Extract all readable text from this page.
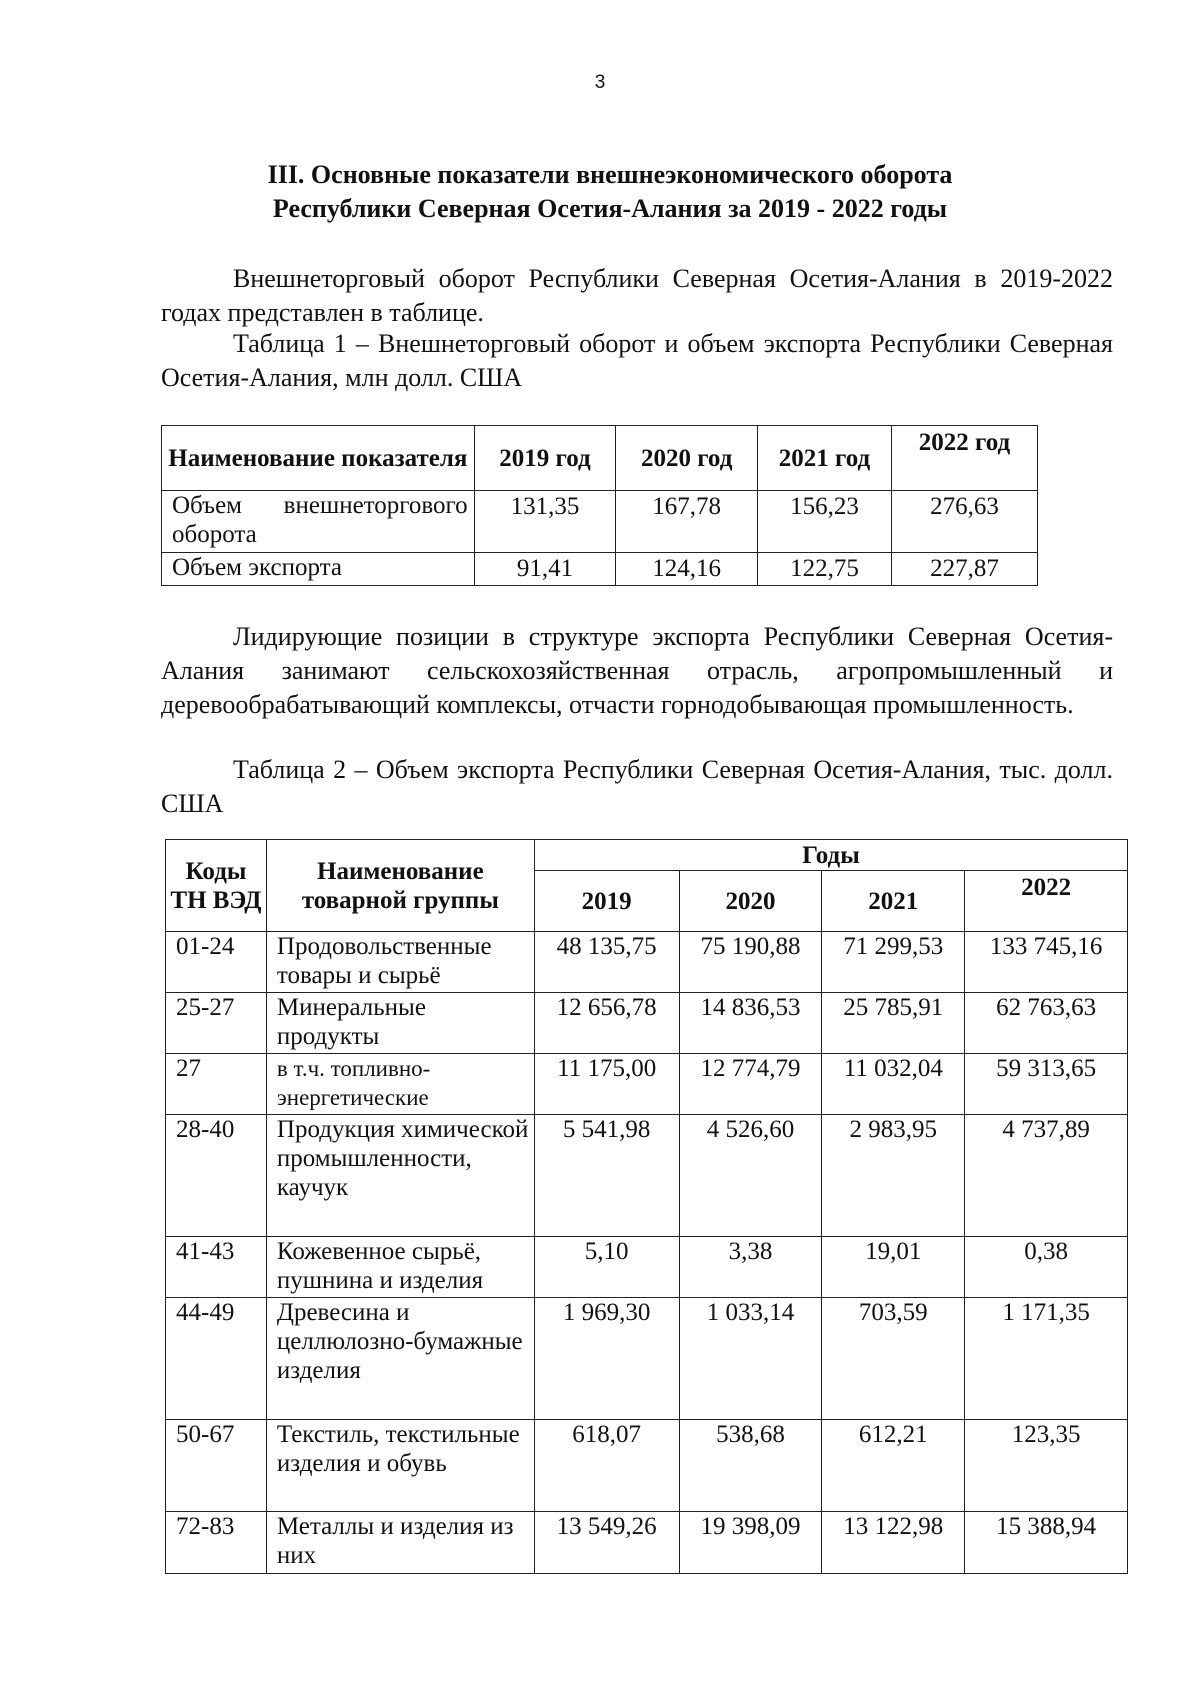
3
III. Основные показатели внешнеэкономического оборота
Республики Северная Осетия-Алания за 2019 - 2022 годы
Внешнеторговый оборот Республики Северная Осетия-Алания в 2019-2022 годах представлен в таблице.
Таблица 1 – Внешнеторговый оборот и объем экспорта Республики Северная Осетия-Алания, млн долл. США
Наименование показателя	2019 год	2020 год	2021 год	2022 год
Объем внешнеторгового оборота	131,35	167,78	156,23	276,63
Объем экспорта	91,41	124,16	122,75	227,87
Лидирующие позиции в структуре экспорта Республики Северная Осетия-Алания занимают сельскохозяйственная отрасль, агропромышленный и деревообрабатывающий комплексы, отчасти горнодобывающая промышленность.
Таблица 2 – Объем экспорта Республики Северная Осетия-Алания, тыс. долл. США
Коды ТН ВЭД	Наименование товарной группы	Годы			
		2019	2020	2021	2022
01-24	Продовольственные товары и сырьё	48 135,75	75 190,88	71 299,53	133 745,16
25-27	Минеральные продукты	12 656,78	14 836,53	25 785,91	62 763,63
27	в т.ч. топливно-энергетические	11 175,00	12 774,79	11 032,04	59 313,65
28-40	Продукция химической промышленности, каучук	5 541,98	4 526,60	2 983,95	4 737,89
41-43	Кожевенное сырьё, пушнина и изделия	5,10	3,38	19,01	0,38
44-49	Древесина и целлюлозно-бумажные изделия	1 969,30	1 033,14	703,59	1 171,35
50-67	Текстиль, текстильные изделия и обувь	618,07	538,68	612,21	123,35
72-83	Металлы и изделия из них	13 549,26	19 398,09	13 122,98	15 388,94
